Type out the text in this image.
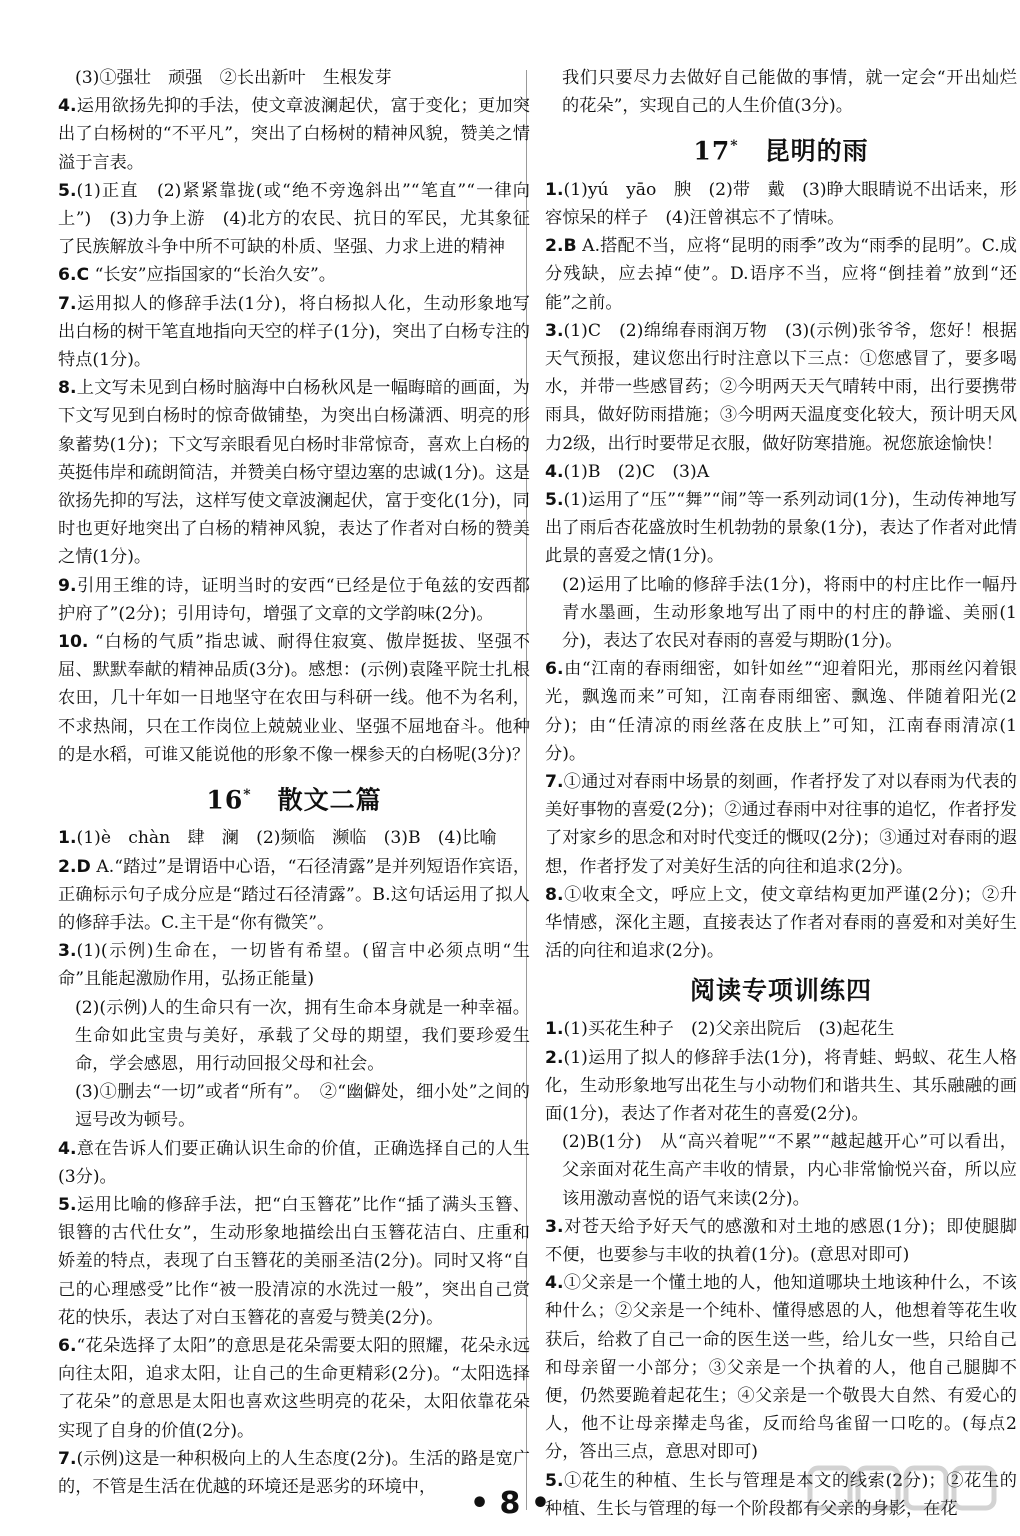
(3)①强壮　顽强　②长出新叶　生根发芽

4.运用欲扬先抑的手法，使文章波澜起伏，富于变化；更加突出了白杨树的“不平凡”，突出了白杨树的精神风貌，赞美之情溢于言表。

5.(1)正直　(2)紧紧靠拢(或“绝不旁逸斜出”“笔直”“一律向上”)　(3)力争上游　(4)北方的农民、抗日的军民，尤其象征了民族解放斗争中所不可缺的朴质、坚强、力求上进的精神

6.C “长安”应指国家的“长治久安”。

7.运用拟人的修辞手法(1分)，将白杨拟人化，生动形象地写出白杨的树干笔直地指向天空的样子(1分)，突出了白杨专注的特点(1分)。

8.上文写未见到白杨时脑海中白杨秋风是一幅晦暗的画面，为下文写见到白杨时的惊奇做铺垫，为突出白杨潇洒、明亮的形象蓄势(1分)；下文写亲眼看见白杨时非常惊奇，喜欢上白杨的英挺伟岸和疏朗简洁，并赞美白杨守望边塞的忠诚(1分)。这是欲扬先抑的写法，这样写使文章波澜起伏，富于变化(1分)，同时也更好地突出了白杨的精神风貌，表达了作者对白杨的赞美之情(1分)。

9.引用王维的诗，证明当时的安西“已经是位于龟兹的安西都护府了”(2分)；引用诗句，增强了文章的文学韵味(2分)。

10. “白杨的气质”指忠诚、耐得住寂寞、傲岸挺拔、坚强不屈、默默奉献的精神品质(3分)。感想：(示例)袁隆平院士扎根农田，几十年如一日地坚守在农田与科研一线。他不为名利，不求热闹，只在工作岗位上兢兢业业、坚强不屈地奋斗。他种的是水稻，可谁又能说他的形象不像一棵参天的白杨呢(3分)？

16*　 散文二篇

1.(1)è　chàn　肆　澜　(2)频临　濒临　(3)B　(4)比喻

2.D A.“踏过”是谓语中心语，“石径清露”是并列短语作宾语，正确标示句子成分应是“踏过石径清露”。B.这句话运用了拟人的修辞手法。C.主干是“你有微笑”。

3.(1)(示例)生命在，一切皆有希望。(留言中必须点明“生命”且能起激励作用，弘扬正能量)

(2)(示例)人的生命只有一次，拥有生命本身就是一种幸福。生命如此宝贵与美好，承载了父母的期望，我们要珍爱生命，学会感恩，用行动回报父母和社会。

(3)①删去“一切”或者“所有”。　②“幽僻处，细小处”之间的逗号改为顿号。

4.意在告诉人们要正确认识生命的价值，正确选择自己的人生(3分)。

5.运用比喻的修辞手法，把“白玉簪花”比作“插了满头玉簪、银簪的古代仕女”，生动形象地描绘出白玉簪花洁白、庄重和娇羞的特点，表现了白玉簪花的美丽圣洁(2分)。同时又将“自己的心理感受”比作“被一股清凉的水洗过一般”，突出自己赏花的快乐，表达了对白玉簪花的喜爱与赞美(2分)。

6.“花朵选择了太阳”的意思是花朵需要太阳的照耀，花朵永远向往太阳，追求太阳，让自己的生命更精彩(2分)。“太阳选择了花朵”的意思是太阳也喜欢这些明亮的花朵，太阳依靠花朵实现了自身的价值(2分)。

7.(示例)这是一种积极向上的人生态度(2分)。生活的路是宽广的，不管是生活在优越的环境还是恶劣的环境中，

我们只要尽力去做好自己能做的事情，就一定会“开出灿烂的花朵”，实现自己的人生价值(3分)。

17*　 昆明的雨

1.(1)yú　yāo　腴　(2)带　戴　(3)睁大眼睛说不出话来，形容惊呆的样子　(4)汪曾祺忘不了情味。

2.B A.搭配不当，应将“昆明的雨季”改为“雨季的昆明”。C.成分残缺，应去掉“使”。D.语序不当，应将“倒挂着”放到“还能”之前。

3.(1)C　(2)绵绵春雨润万物　(3)(示例)张爷爷，您好！根据天气预报，建议您出行时注意以下三点：①您感冒了，要多喝水，并带一些感冒药；②今明两天天气晴转中雨，出行要携带雨具，做好防雨措施；③今明两天温度变化较大，预计明天风力2级，出行时要带足衣服，做好防寒措施。祝您旅途愉快！

4.(1)B　(2)C　(3)A

5.(1)运用了“压”“舞”“闹”等一系列动词(1分)，生动传神地写出了雨后杏花盛放时生机勃勃的景象(1分)，表达了作者对此情此景的喜爱之情(1分)。

(2)运用了比喻的修辞手法(1分)，将雨中的村庄比作一幅丹青水墨画，生动形象地写出了雨中的村庄的静谧、美丽(1分)，表达了农民对春雨的喜爱与期盼(1分)。

6.由“江南的春雨细密，如针如丝”“迎着阳光，那雨丝闪着银光，飘逸而来”可知，江南春雨细密、飘逸、伴随着阳光(2分)；由“任清凉的雨丝落在皮肤上”可知，江南春雨清凉(1分)。

7.①通过对春雨中场景的刻画，作者抒发了对以春雨为代表的美好事物的喜爱(2分)；②通过春雨中对往事的追忆，作者抒发了对家乡的思念和对时代变迁的慨叹(2分)；③通过对春雨的遐想，作者抒发了对美好生活的向往和追求(2分)。

8.①收束全文，呼应上文，使文章结构更加严谨(2分)；②升华情感，深化主题，直接表达了作者对春雨的喜爱和对美好生活的向往和追求(2分)。

阅读专项训练四

1.(1)买花生种子　(2)父亲出院后　(3)起花生

2.(1)运用了拟人的修辞手法(1分)，将青蛙、蚂蚁、花生人格化，生动形象地写出花生与小动物们和谐共生、其乐融融的画面(1分)，表达了作者对花生的喜爱(2分)。

(2)B(1分)　从“高兴着呢”“不累”“越起越开心”可以看出，父亲面对花生高产丰收的情景，内心非常愉悦兴奋，所以应该用激动喜悦的语气来读(2分)。

3.对苍天给予好天气的感激和对土地的感恩(1分)；即使腿脚不便，也要参与丰收的执着(1分)。(意思对即可)

4.①父亲是一个懂土地的人，他知道哪块土地该种什么，不该种什么；②父亲是一个纯朴、懂得感恩的人，他想着等花生收获后，给救了自己一命的医生送一些，给儿女一些，只给自己和母亲留一小部分；③父亲是一个执着的人，他自己腿脚不便，仍然要跪着起花生；④父亲是一个敬畏大自然、有爱心的人，他不让母亲撵走鸟雀，反而给鸟雀留一口吃的。(每点2分，答出三点，意思对即可)

5.①花生的种植、生长与管理是本文的线索(2分)；②花生的种植、生长与管理的每一个阶段都有父亲的身影，在花

• 8 •
